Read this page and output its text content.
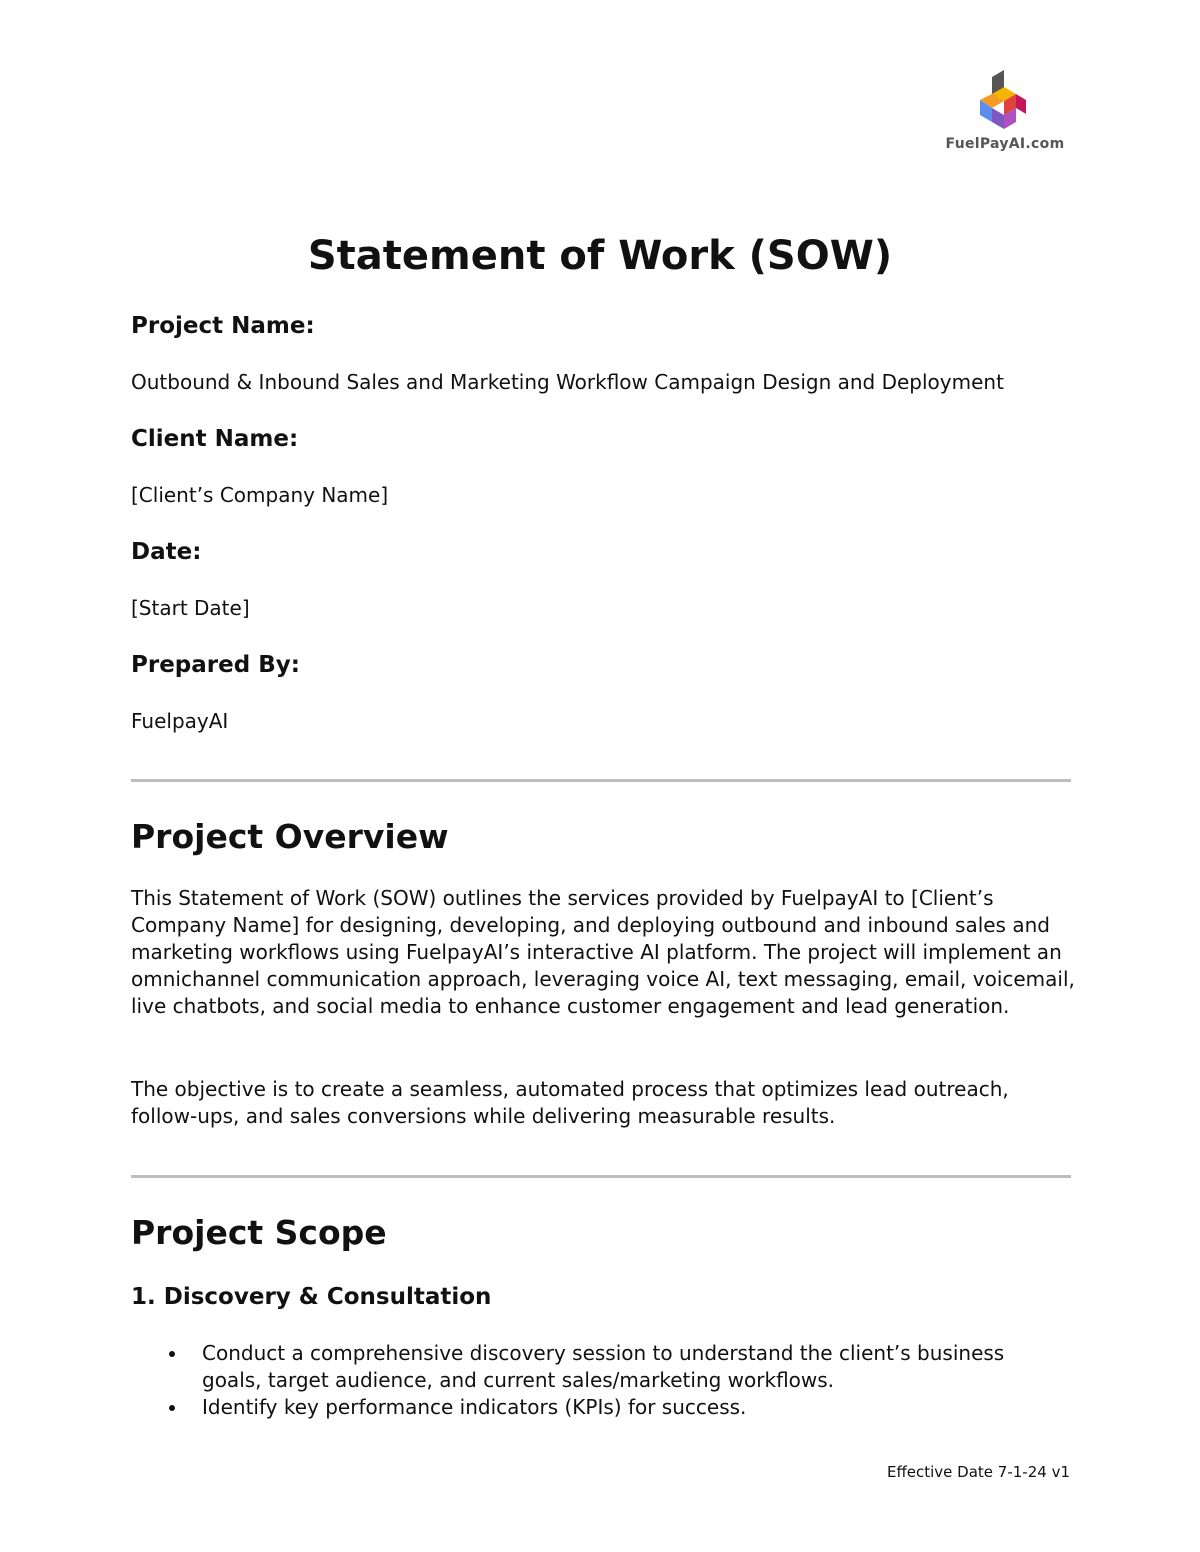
FuelPayAI.com
Statement of Work (SOW)
Project Name:
Outbound & Inbound Sales and Marketing Workflow Campaign Design and Deployment
Client Name:
[Client’s Company Name]
Date:
[Start Date]
Prepared By:
FuelpayAI
Project Overview

This Statement of Work (SOW) outlines the services provided by FuelpayAI to [Client’s Company Name] for designing, developing, and deploying outbound and inbound sales and marketing workflows using FuelpayAI’s interactive AI platform. The project will implement an omnichannel communication approach, leveraging voice AI, text messaging, email, voicemail, live chatbots, and social media to enhance customer engagement and lead generation.

The objective is to create a seamless, automated process that optimizes lead outreach, follow-ups, and sales conversions while delivering measurable results.

Project Scope
1. Discovery & Consultation
Conduct a comprehensive discovery session to understand the client’s business goals, target audience, and current sales/marketing workflows.
Identify key performance indicators (KPIs) for success.
Effective Date 7-1-24 v1
